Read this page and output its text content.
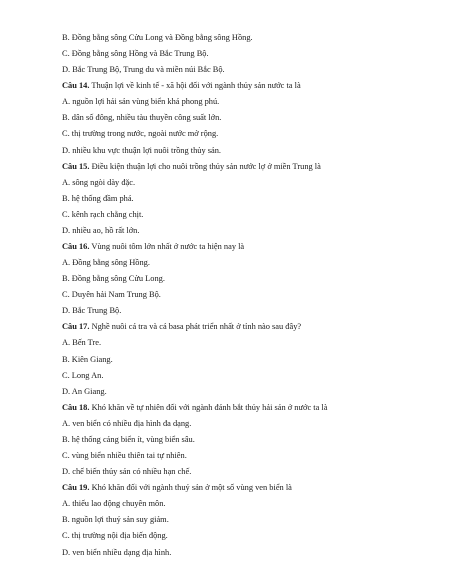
B. Đồng bằng sông Cửu Long và Đồng bằng sông Hồng.
C. Đồng bằng sông Hồng và Bắc Trung Bộ.
D. Bắc Trung Bộ, Trung du và miền núi Bắc Bộ.
Câu 14. Thuận lợi về kinh tế - xã hội đối với ngành thủy sản nước ta là
A. nguồn lợi hải sản vùng biển khá phong phú.
B. dân số đông, nhiều tàu thuyền công suất lớn.
C. thị trường trong nước, ngoài nước mở rộng.
D. nhiều khu vực thuận lợi nuôi trồng thủy sản.
Câu 15. Điều kiện thuận lợi cho nuôi trồng thủy sản nước lợ ở miền Trung là
A. sông ngòi dày đặc.
B. hệ thống đầm phá.
C. kênh rạch chằng chịt.
D. nhiều ao, hồ rất lớn.
Câu 16. Vùng nuôi tôm lớn nhất ở nước ta hiện nay là
A. Đồng bằng sông Hồng.
B. Đồng bằng sông Cửu Long.
C. Duyên hải Nam Trung Bộ.
D. Bắc Trung Bộ.
Câu 17. Nghề nuôi cá tra và cá basa phát triển nhất ở tỉnh nào sau đây?
A. Bến Tre.
B. Kiên Giang.
C. Long An.
D. An Giang.
Câu 18. Khó khăn về tự nhiên đối với ngành đánh bắt thủy hải sản ở nước ta là
A. ven biển có nhiều địa hình đa dạng.
B. hệ thống cảng biển ít, vùng biển sâu.
C. vùng biển nhiều thiên tai tự nhiên.
D. chế biến thủy sản có nhiều hạn chế.
Câu 19. Khó khăn đối với ngành thuỷ sản ở một số vùng ven biển là
A. thiếu lao động chuyên môn.
B. nguồn lợi thuỷ sản suy giảm.
C. thị trường nội địa biến động.
D. ven biển nhiều dạng địa hình.
